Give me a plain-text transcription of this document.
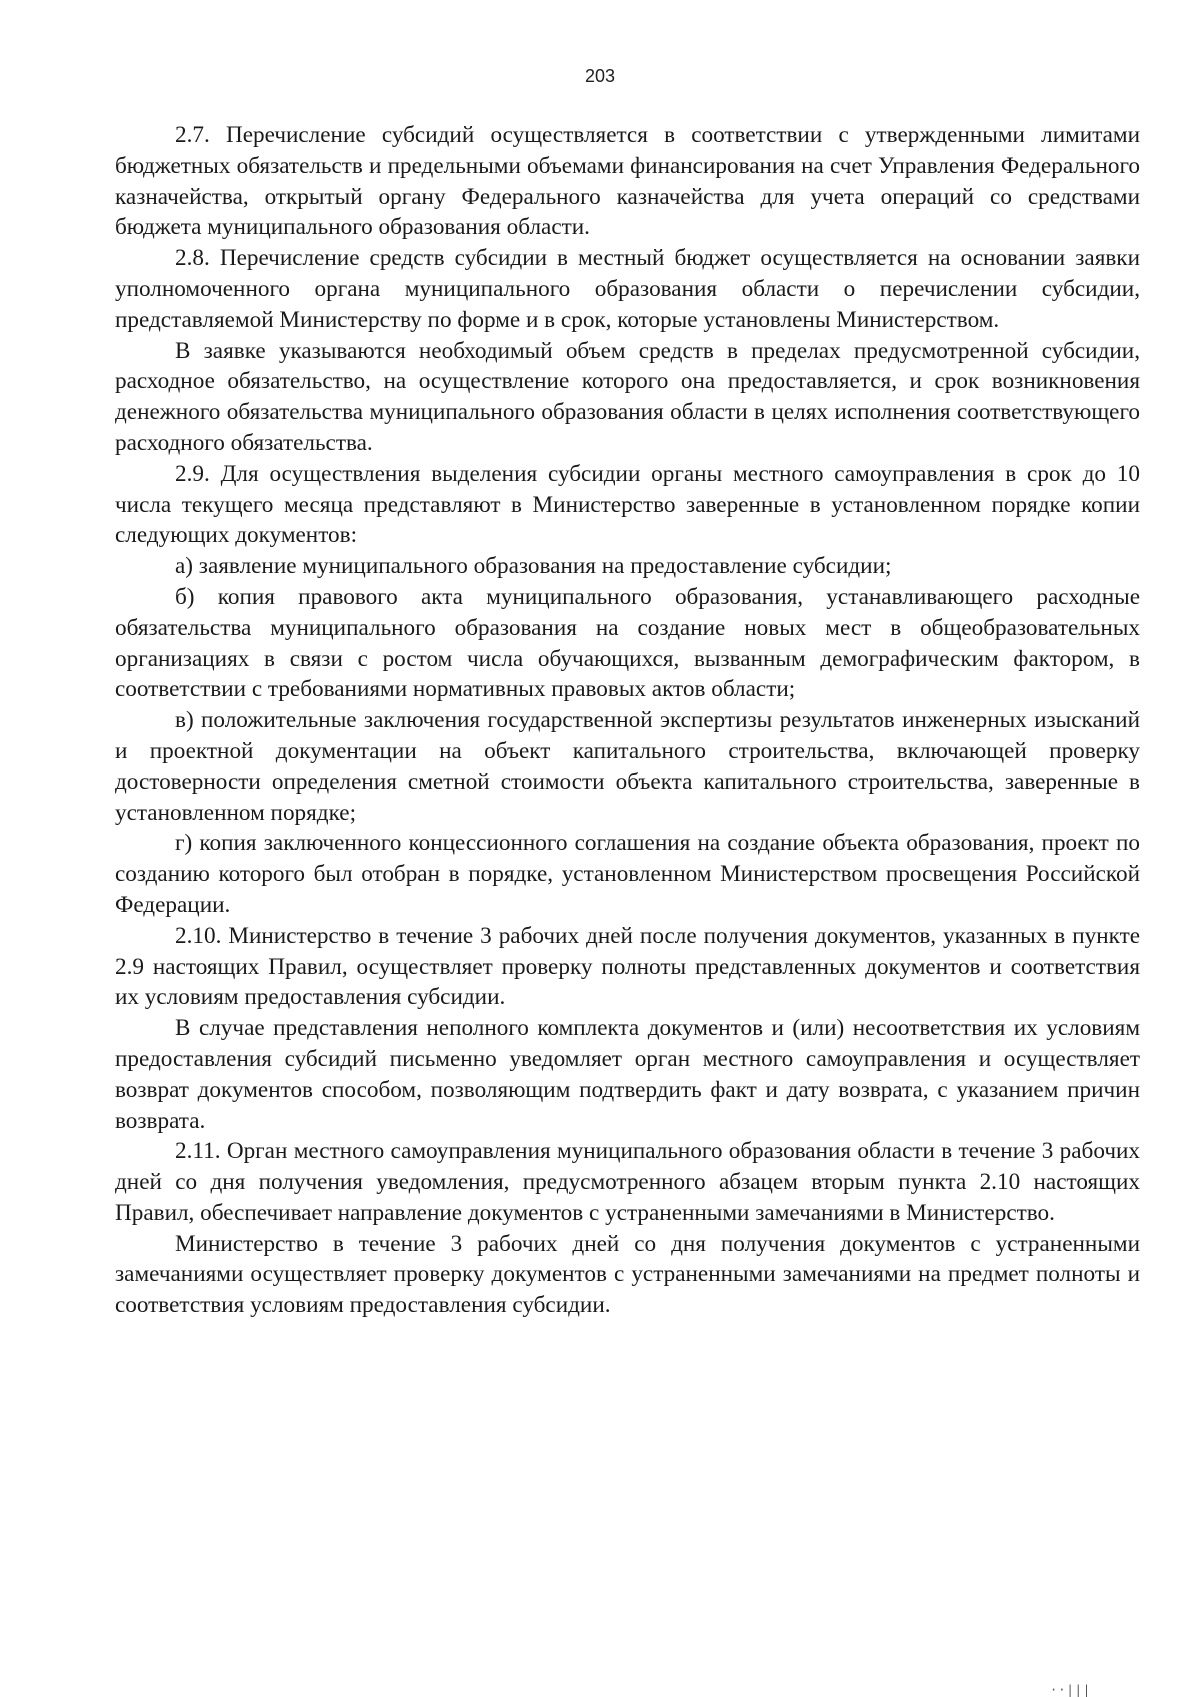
203

2.7. Перечисление субсидий осуществляется в соответствии с утвержденными лимитами бюджетных обязательств и предельными объемами финансирования на счет Управления Федерального казначейства, открытый органу Федерального казначейства для учета операций со средствами бюджета муниципального образования области.

2.8. Перечисление средств субсидии в местный бюджет осуществляется на основании заявки уполномоченного органа муниципального образования области о перечислении субсидии, представляемой Министерству по форме и в срок, которые установлены Министерством.

В заявке указываются необходимый объем средств в пределах предусмотренной субсидии, расходное обязательство, на осуществление которого она предоставляется, и срок возникновения денежного обязательства муниципального образования области в целях исполнения соответствующего расходного обязательства.

2.9. Для осуществления выделения субсидии органы местного самоуправления в срок до 10 числа текущего месяца представляют в Министерство заверенные в установленном порядке копии следующих документов:

а) заявление муниципального образования на предоставление субсидии;

б) копия правового акта муниципального образования, устанавливающего расходные обязательства муниципального образования на создание новых мест в общеобразовательных организациях в связи с ростом числа обучающихся, вызванным демографическим фактором, в соответствии с требованиями нормативных правовых актов области;

в) положительные заключения государственной экспертизы результатов инженерных изысканий и проектной документации на объект капитального строительства, включающей проверку достоверности определения сметной стоимости объекта капитального строительства, заверенные в установленном порядке;

г) копия заключенного концессионного соглашения на создание объекта образования, проект по созданию которого был отобран в порядке, установленном Министерством просвещения Российской Федерации.

2.10. Министерство в течение 3 рабочих дней после получения документов, указанных в пункте 2.9 настоящих Правил, осуществляет проверку полноты представленных документов и соответствия их условиям предоставления субсидии.

В случае представления неполного комплекта документов и (или) несоответствия их условиям предоставления субсидий письменно уведомляет орган местного самоуправления и осуществляет возврат документов способом, позволяющим подтвердить факт и дату возврата, с указанием причин возврата.

2.11. Орган местного самоуправления муниципального образования области в течение 3 рабочих дней со дня получения уведомления, предусмотренного абзацем вторым пункта 2.10 настоящих Правил, обеспечивает направление документов с устраненными замечаниями в Министерство.

Министерство в течение 3 рабочих дней со дня получения документов с устраненными замечаниями осуществляет проверку документов с устраненными замечаниями на предмет полноты и соответствия условиям предоставления субсидии.

··|||
